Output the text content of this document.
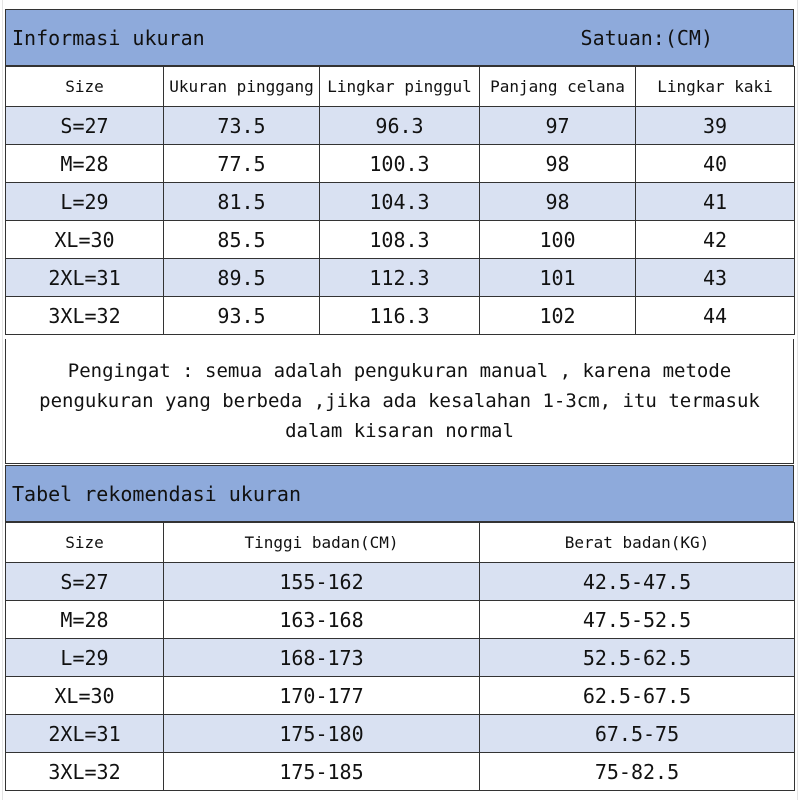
Informasi ukuran	Satuan:(CM)
Size	Ukuran pinggang	Lingkar pinggul	Panjang celana	Lingkar kaki
S=27	73.5	96.3	97	39
M=28	77.5	100.3	98	40
L=29	81.5	104.3	98	41
XL=30	85.5	108.3	100	42
2XL=31	89.5	112.3	101	43
3XL=32	93.5	116.3	102	44

Pengingat : semua adalah pengukuran manual , karena metode

pengukuran yang berbeda ,jika ada kesalahan 1-3cm, itu termasuk

dalam kisaran normal

Tabel rekomendasi ukuran
Size	Tinggi badan(CM)	Berat badan(KG)
S=27	155-162	42.5-47.5
M=28	163-168	47.5-52.5
L=29	168-173	52.5-62.5
XL=30	170-177	62.5-67.5
2XL=31	175-180	67.5-75
3XL=32	175-185	75-82.5
